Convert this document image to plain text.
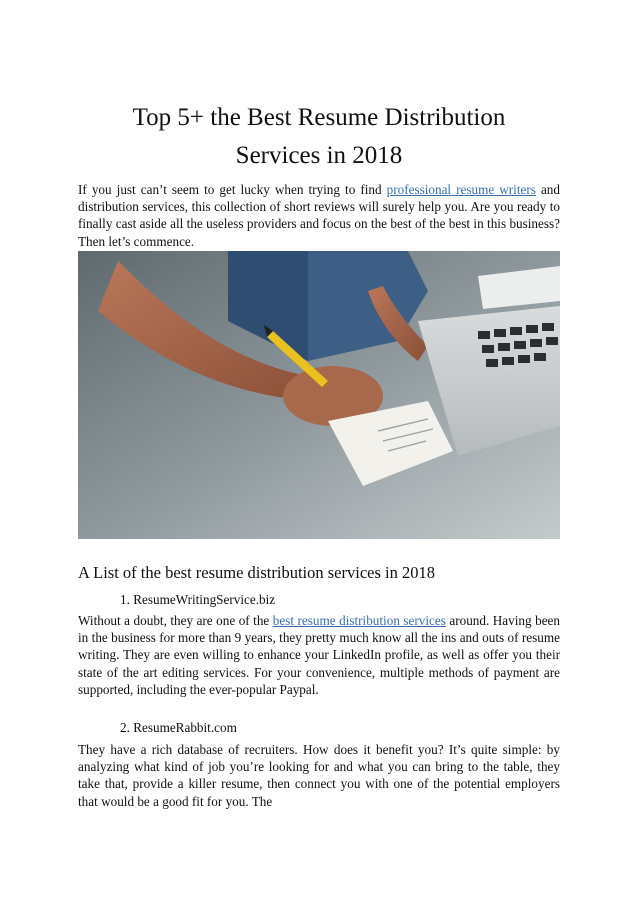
Top 5+ the Best Resume Distribution
Services in 2018

If you just can’t seem to get lucky when trying to find professional resume writers and distribution services, this collection of short reviews will surely help you. Are you ready to finally cast aside all the useless providers and focus on the best of the best in this business? Then let’s commence.

A List of the best resume distribution services in 2018
1. ResumeWritingService.biz

Without a doubt, they are one of the best resume distribution services around. Having been in the business for more than 9 years, they pretty much know all the ins and outs of resume writing. They are even willing to enhance your LinkedIn profile, as well as offer you their state of the art editing services. For your convenience, multiple methods of payment are supported, including the ever-popular Paypal.

2. ResumeRabbit.com

They have a rich database of recruiters. How does it benefit you? It’s quite simple: by analyzing what kind of job you’re looking for and what you can bring to the table, they take that, provide a killer resume, then connect you with one of the potential employers that would be a good fit for you. The
